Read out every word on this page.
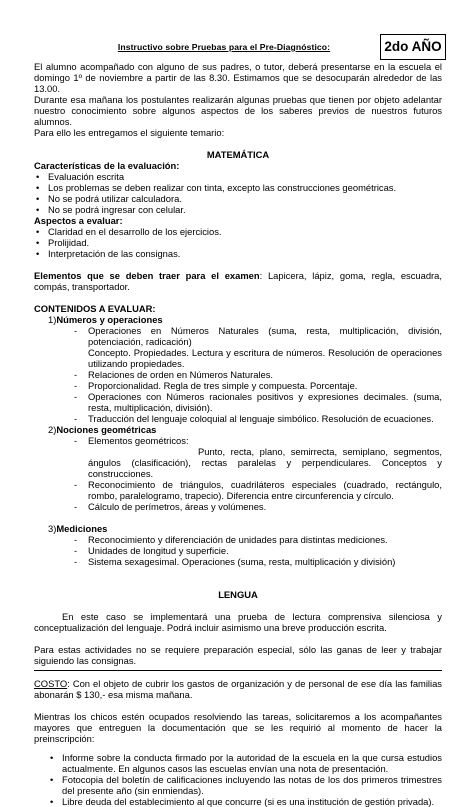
Instructivo sobre Pruebas para el Pre-Diagnóstico:	2do AÑO

El alumno acompañado con alguno de sus padres, o tutor, deberá presentarse en la escuela el domingo 1º de noviembre a partir de las 8.30. Estimamos que se desocuparán alrededor de las 13.00.

Durante esa mañana los postulantes realizarán algunas pruebas que tienen por objeto adelantar nuestro conocimiento sobre algunos aspectos de los saberes previos de nuestros futuros alumnos.

Para ello les entregamos el siguiente temario:

MATEMÁTICA

Características de la evaluación:

• Evaluación escrita
• Los problemas se deben realizar con tinta, excepto las construcciones geométricas.
• No se podrá utilizar calculadora.
• No se podrá ingresar con celular.

Aspectos a evaluar:

• Claridad en el desarrollo de los ejercicios.
• Prolijidad.
• Interpretación de las consignas.

Elementos que se deben traer para el examen: Lapicera, lápiz, goma, regla, escuadra, compás, transportador.

CONTENIDOS A EVALUAR:

1)Números y operaciones

- Operaciones en Números Naturales (suma, resta, multiplicación, división, potenciación, radicación)

Concepto. Propiedades. Lectura y escritura de números. Resolución de operaciones utilizando propiedades.

- Relaciones de orden en Números Naturales.
- Proporcionalidad. Regla de tres simple y compuesta. Porcentaje.
- Operaciones con Números racionales positivos y expresiones decimales. (suma, resta, multiplicación, división).
- Traducción del lenguaje coloquial al lenguaje simbólico. Resolución de ecuaciones.

2)Nociones geométricas

- Elementos geométricos:

Punto, recta, plano, semirrecta, semiplano, segmentos, ángulos (clasificación), rectas paralelas y perpendiculares. Conceptos y construcciones.

- Reconocimiento de triángulos, cuadriláteros especiales (cuadrado, rectángulo, rombo, paralelogramo, trapecio). Diferencia entre circunferencia y círculo.
- Cálculo de perímetros, áreas y volúmenes.

3)Mediciones

- Reconocimiento y diferenciación de unidades para distintas mediciones.
- Unidades de longitud y superficie.
- Sistema sexagesimal. Operaciones (suma, resta, multiplicación y división)

LENGUA

En este caso se implementará una prueba de lectura comprensiva silenciosa y conceptualización del lenguaje. Podrá incluir asimismo una breve producción escrita.

Para estas actividades no se requiere preparación especial, sólo las ganas de leer y trabajar siguiendo las consignas.

COSTO: Con el objeto de cubrir los gastos de organización y de personal de ese día las familias abonarán $ 130,- esa misma mañana.

Mientras los chicos estén ocupados resolviendo las tareas, solicitaremos a los acompañantes mayores que entreguen la documentación que se les requirió al momento de hacer la preinscripción:

• Informe sobre la conducta firmado por la autoridad de la escuela en la que cursa estudios actualmente. En algunos casos las escuelas envían una nota de presentación.
• Fotocopia del boletín de calificaciones incluyendo las notas de los dos primeros trimestres del presente año (sin enmiendas).
• Libre deuda del establecimiento al que concurre (si es una institución de gestión privada).
